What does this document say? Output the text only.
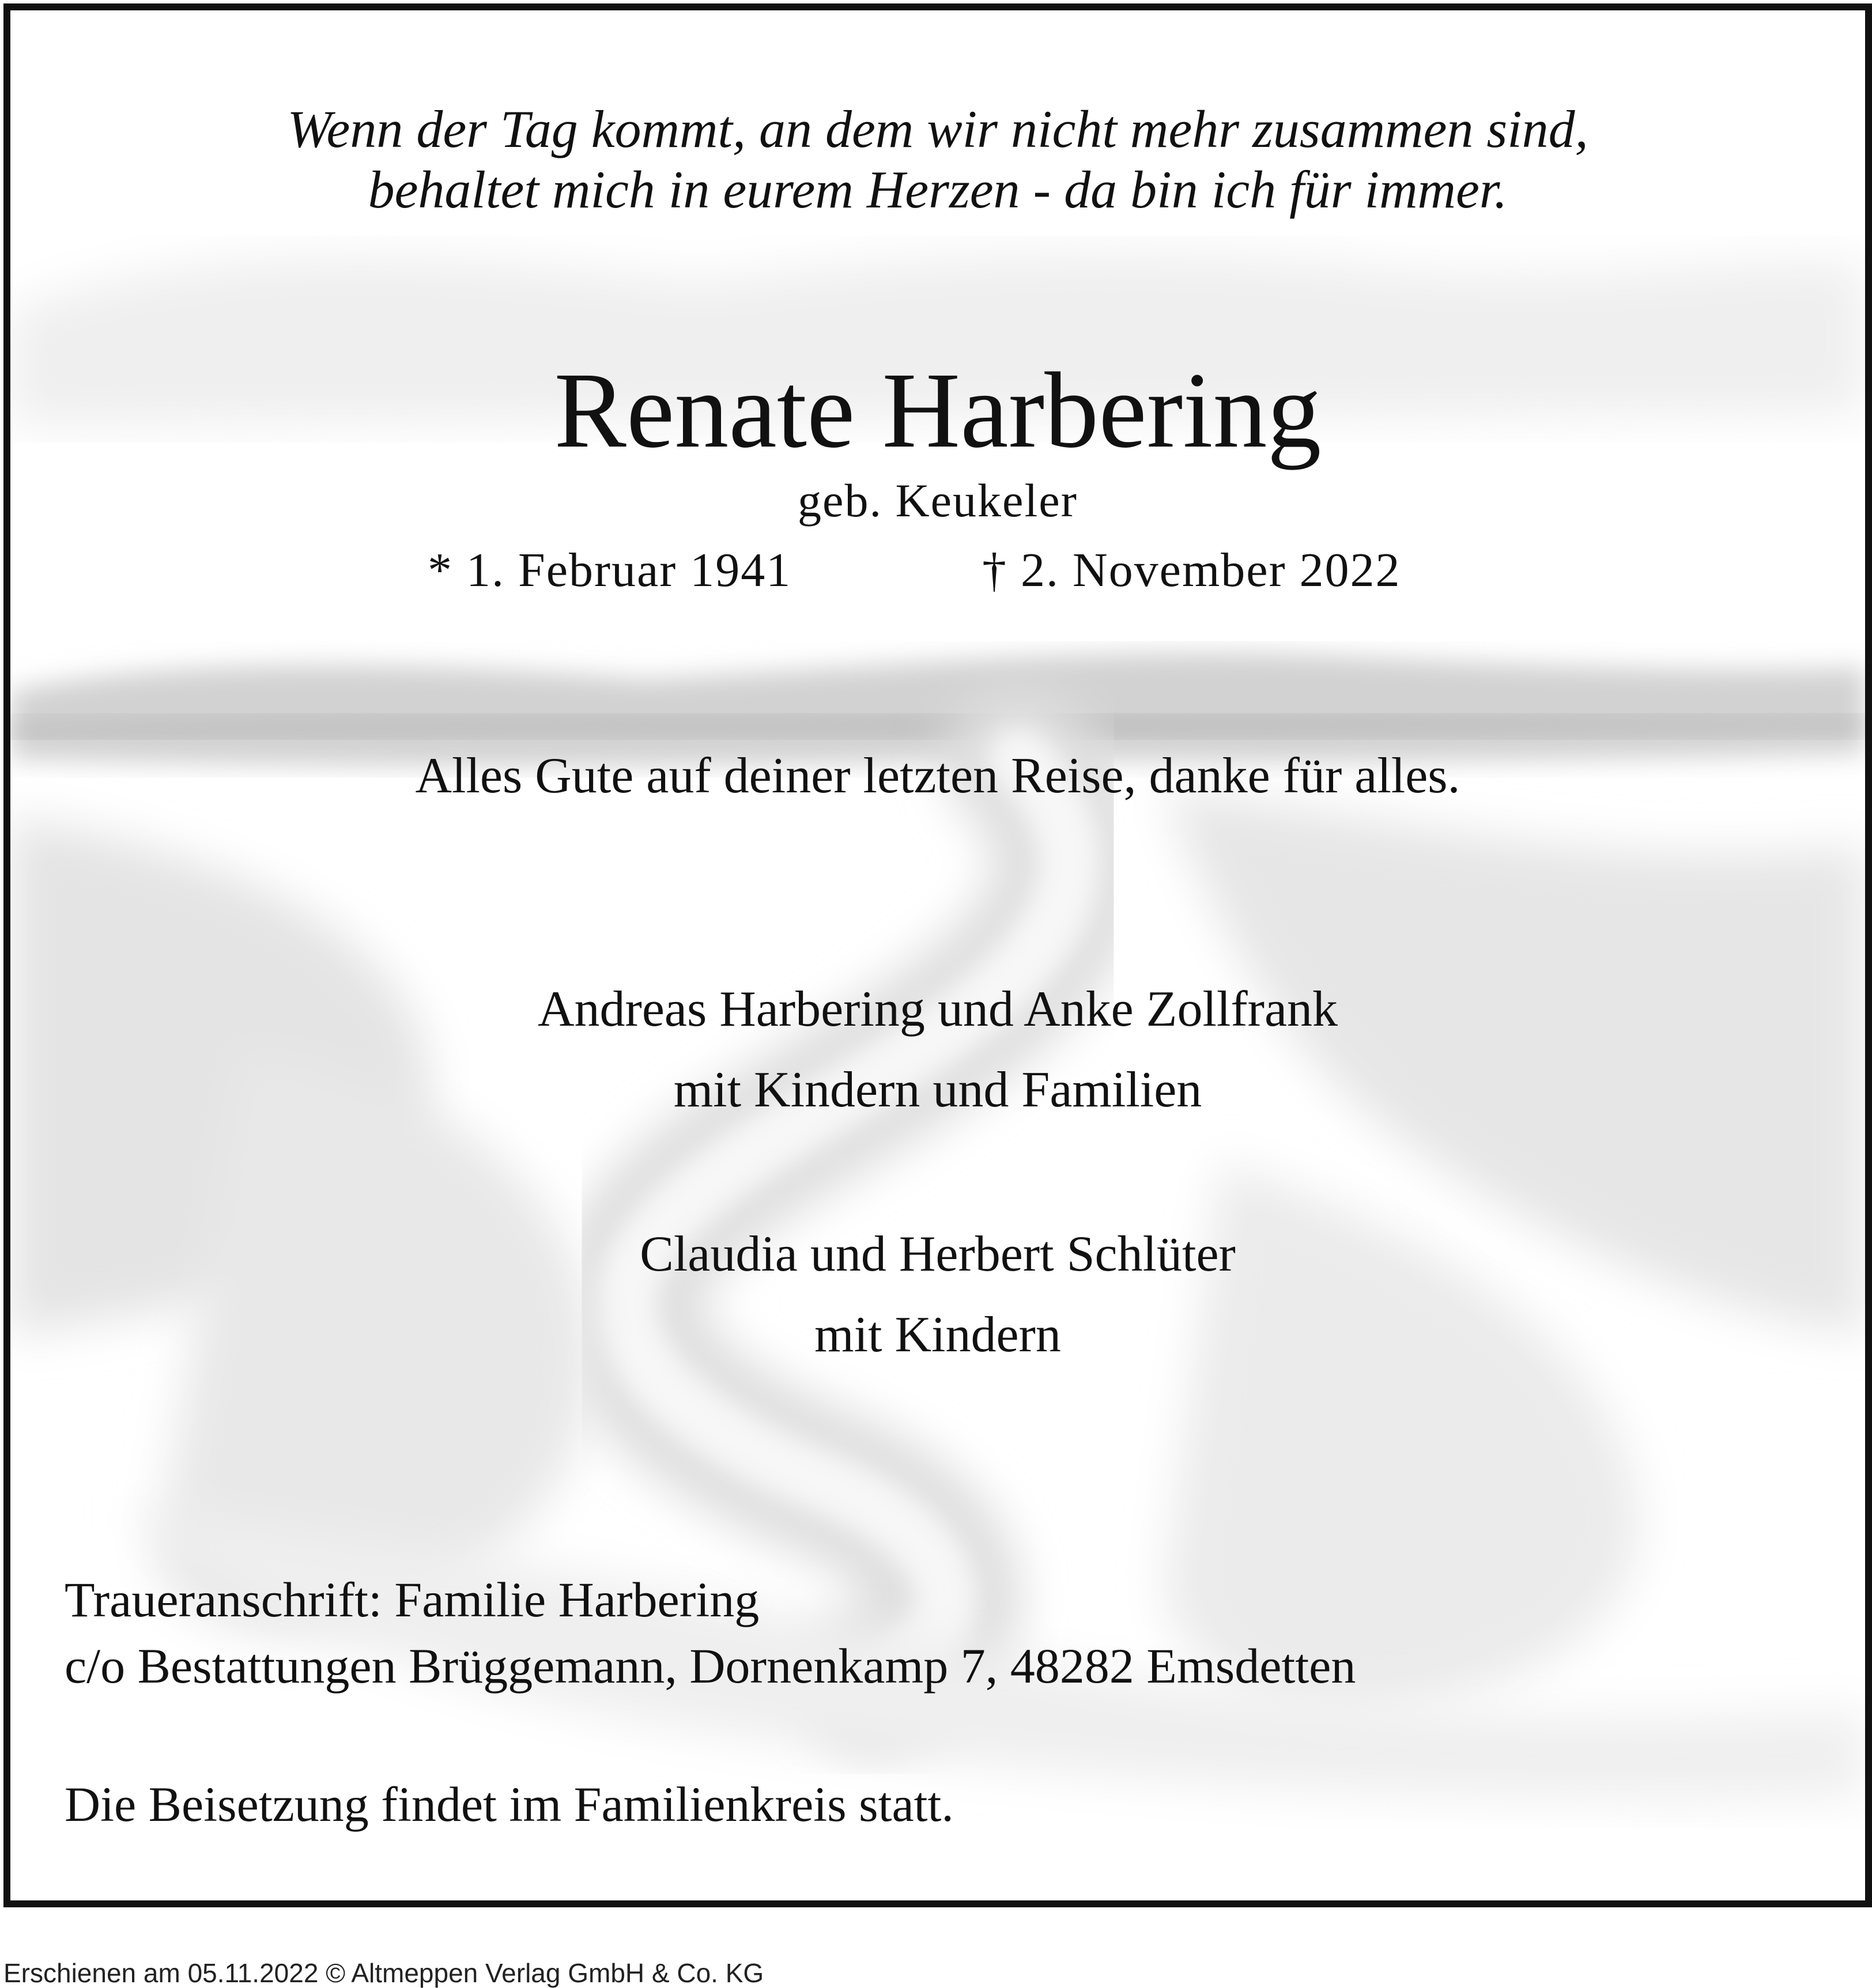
Wenn der Tag kommt, an dem wir nicht mehr zusammen sind,

behaltet mich in eurem Herzen - da bin ich für immer.

Renate Harbering

geb. Keukeler

* 1. Februar 1941	† 2. November 2022

Alles Gute auf deiner letzten Reise, danke für alles.

Andreas Harbering und Anke Zollfrank

mit Kindern und Familien

Claudia und Herbert Schlüter

mit Kindern

Traueranschrift: Familie Harbering

c/o Bestattungen Brüggemann, Dornenkamp 7, 48282 Emsdetten

Die Beisetzung findet im Familienkreis statt.

Erschienen am 05.11.2022 © Altmeppen Verlag GmbH & Co. KG
